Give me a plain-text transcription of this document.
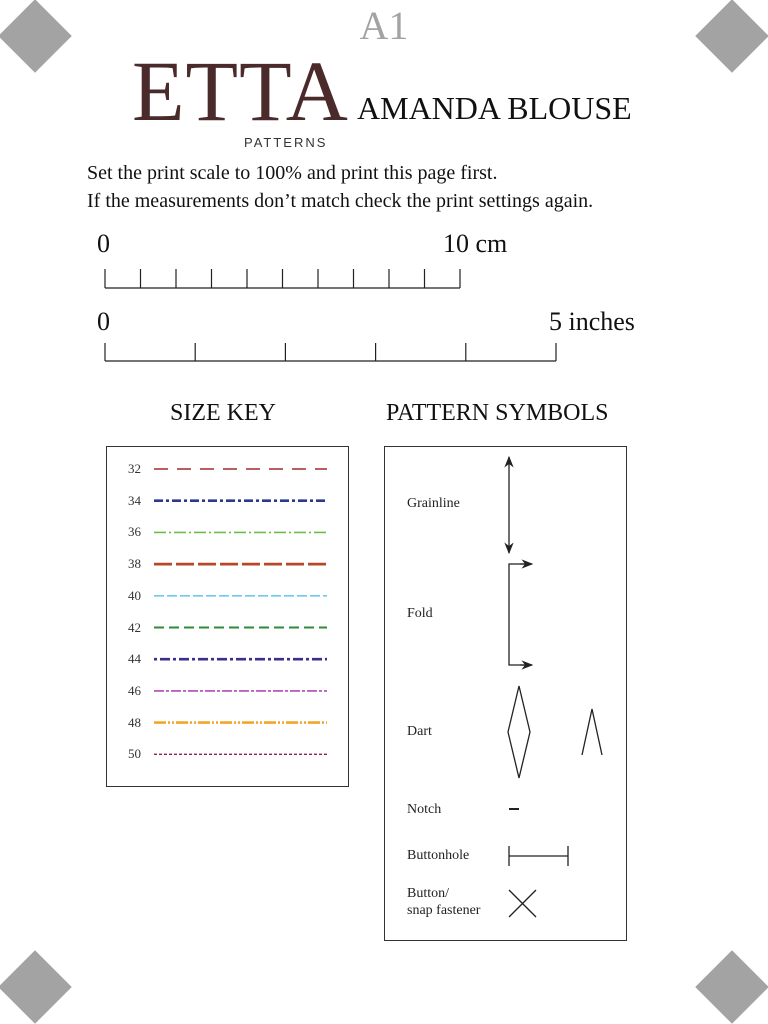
A1
ETTA
PATTERNS
AMANDA BLOUSE
Set the print scale to 100% and print this page first.
If the measurements don’t match check the print settings again.
0	10 cm
0	5 inches
SIZE KEY
32
34
36
38
40
42
44
46
48
50
PATTERN SYMBOLS
Grainline
Fold
Dart
Notch
Buttonhole
Button/
snap fastener
